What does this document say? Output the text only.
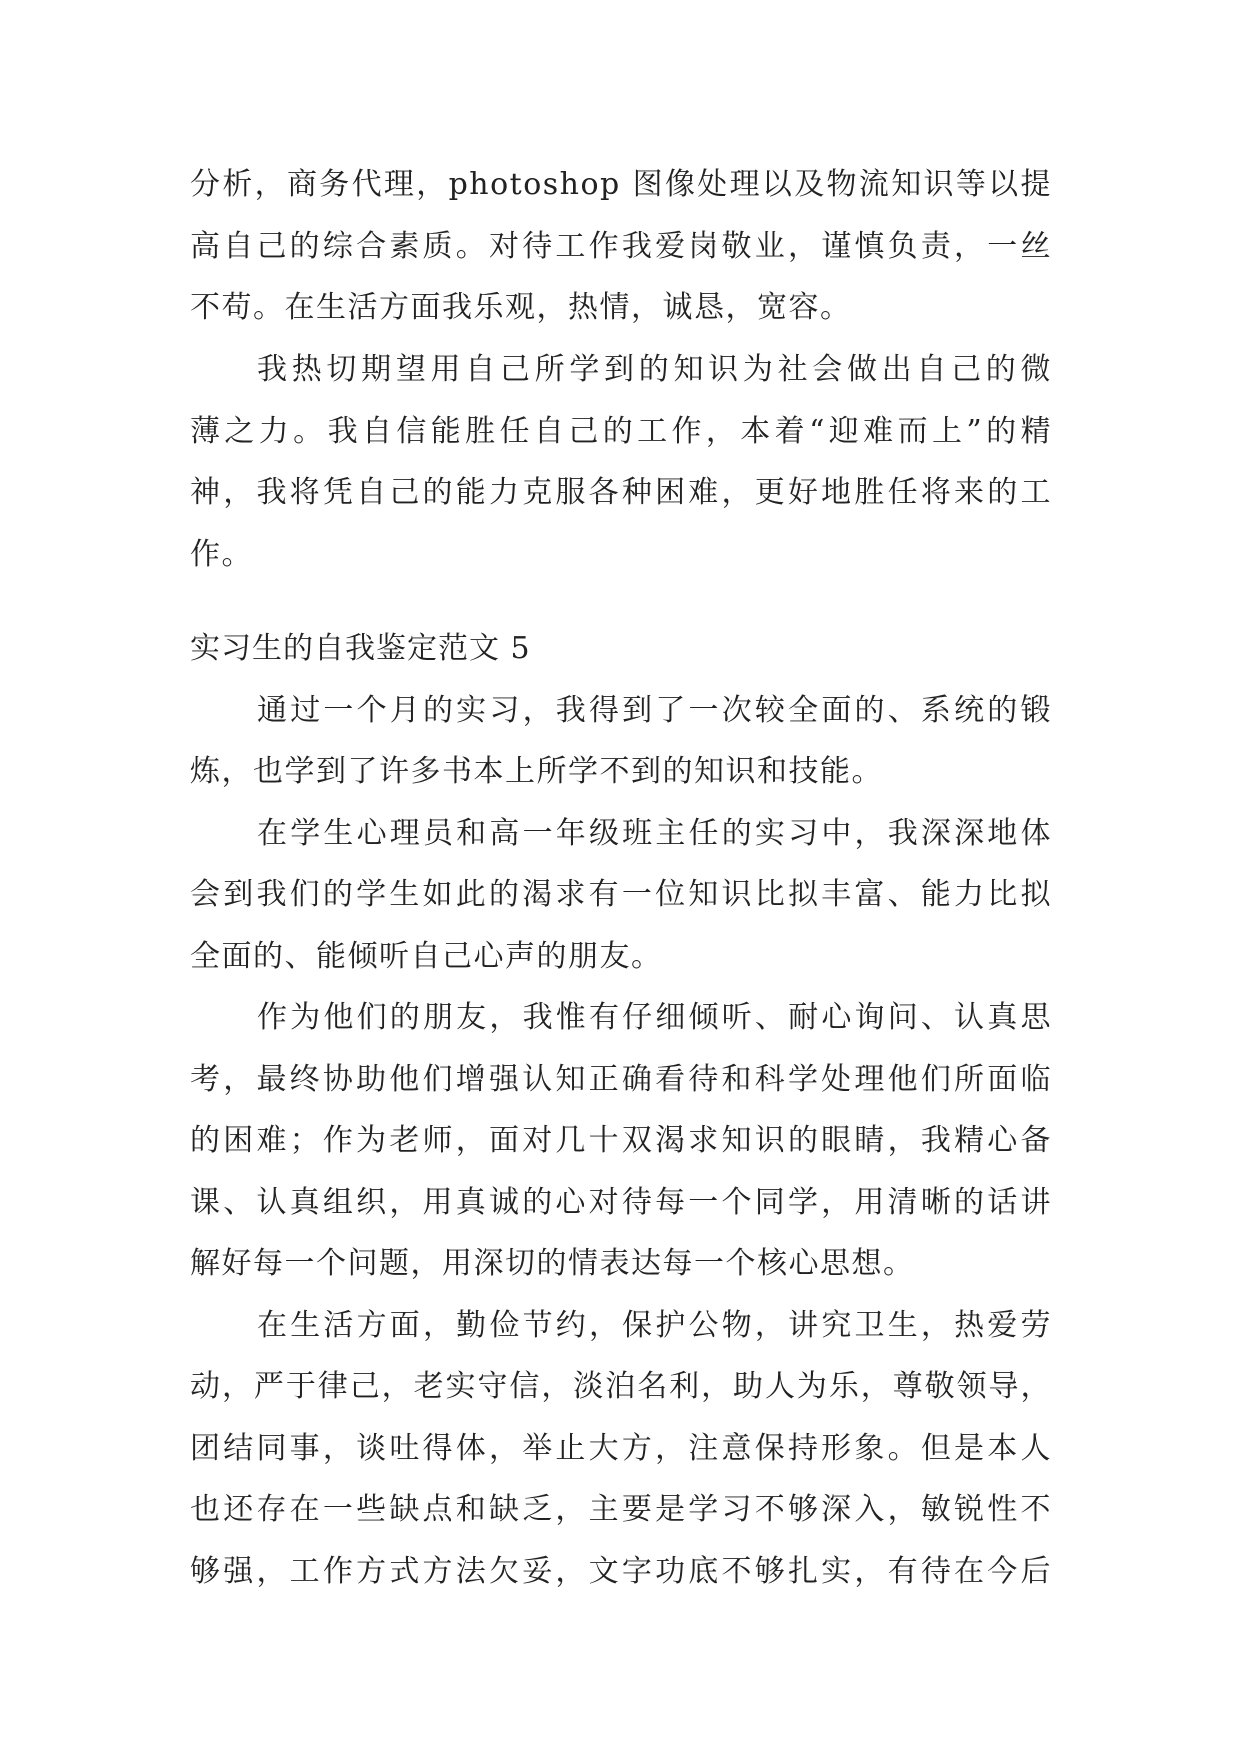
分析，商务代理，photoshop 图像处理以及物流知识等以提
高自己的综合素质。对待工作我爱岗敬业，谨慎负责，一丝
不苟。在生活方面我乐观，热情，诚恳，宽容。
我热切期望用自己所学到的知识为社会做出自己的微
薄之力。我自信能胜任自己的工作，本着“迎难而上”的精
神，我将凭自己的能力克服各种困难，更好地胜任将来的工
作。
实习生的自我鉴定范文 5
通过一个月的实习，我得到了一次较全面的、系统的锻
炼，也学到了许多书本上所学不到的知识和技能。
在学生心理员和高一年级班主任的实习中，我深深地体
会到我们的学生如此的渴求有一位知识比拟丰富、能力比拟
全面的、能倾听自己心声的朋友。
作为他们的朋友，我惟有仔细倾听、耐心询问、认真思
考，最终协助他们增强认知正确看待和科学处理他们所面临
的困难；作为老师，面对几十双渴求知识的眼睛，我精心备
课、认真组织，用真诚的心对待每一个同学，用清晰的话讲
解好每一个问题，用深切的情表达每一个核心思想。
在生活方面，勤俭节约，保护公物，讲究卫生，热爱劳
动，严于律己，老实守信，淡泊名利，助人为乐，尊敬领导，
团结同事，谈吐得体，举止大方，注意保持形象。但是本人
也还存在一些缺点和缺乏，主要是学习不够深入，敏锐性不
够强，工作方式方法欠妥，文字功底不够扎实，有待在今后
